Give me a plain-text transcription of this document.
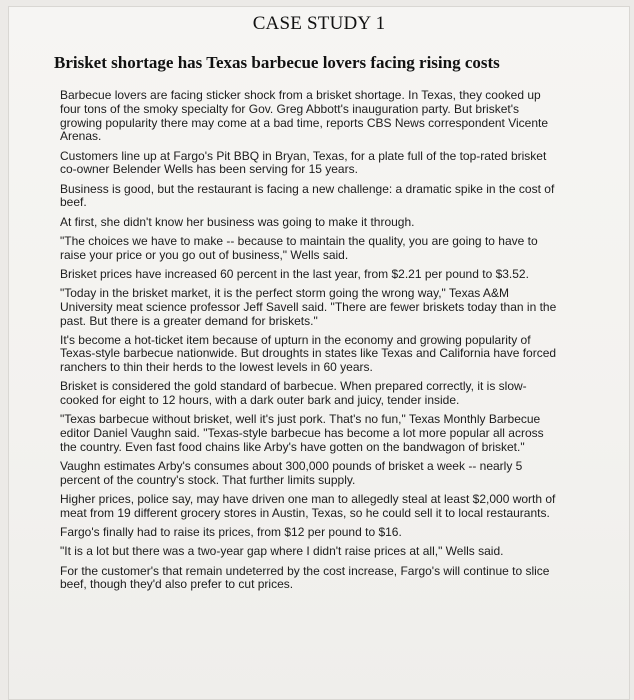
CASE STUDY 1
Brisket shortage has Texas barbecue lovers facing rising costs

Barbecue lovers are facing sticker shock from a brisket shortage. In Texas, they cooked up four tons of the smoky specialty for Gov. Greg Abbott's inauguration party. But brisket's growing popularity there may come at a bad time, reports CBS News correspondent Vicente Arenas.

Customers line up at Fargo's Pit BBQ in Bryan, Texas, for a plate full of the top-rated brisket co-owner Belender Wells has been serving for 15 years.

Business is good, but the restaurant is facing a new challenge: a dramatic spike in the cost of beef.

At first, she didn't know her business was going to make it through.

"The choices we have to make -- because to maintain the quality, you are going to have to raise your price or you go out of business," Wells said.

Brisket prices have increased 60 percent in the last year, from $2.21 per pound to $3.52.

"Today in the brisket market, it is the perfect storm going the wrong way," Texas A&M University meat science professor Jeff Savell said. "There are fewer briskets today than in the past. But there is a greater demand for briskets."

It's become a hot-ticket item because of upturn in the economy and growing popularity of Texas-style barbecue nationwide. But droughts in states like Texas and California have forced ranchers to thin their herds to the lowest levels in 60 years.

Brisket is considered the gold standard of barbecue. When prepared correctly, it is slow-cooked for eight to 12 hours, with a dark outer bark and juicy, tender inside.

"Texas barbecue without brisket, well it's just pork. That's no fun," Texas Monthly Barbecue editor Daniel Vaughn said. "Texas-style barbecue has become a lot more popular all across the country. Even fast food chains like Arby's have gotten on the bandwagon of brisket."

Vaughn estimates Arby's consumes about 300,000 pounds of brisket a week -- nearly 5 percent of the country's stock. That further limits supply.

Higher prices, police say, may have driven one man to allegedly steal at least $2,000 worth of meat from 19 different grocery stores in Austin, Texas, so he could sell it to local restaurants.

Fargo's finally had to raise its prices, from $12 per pound to $16.

"It is a lot but there was a two-year gap where I didn't raise prices at all," Wells said.

For the customer's that remain undeterred by the cost increase, Fargo's will continue to slice beef, though they'd also prefer to cut prices.
